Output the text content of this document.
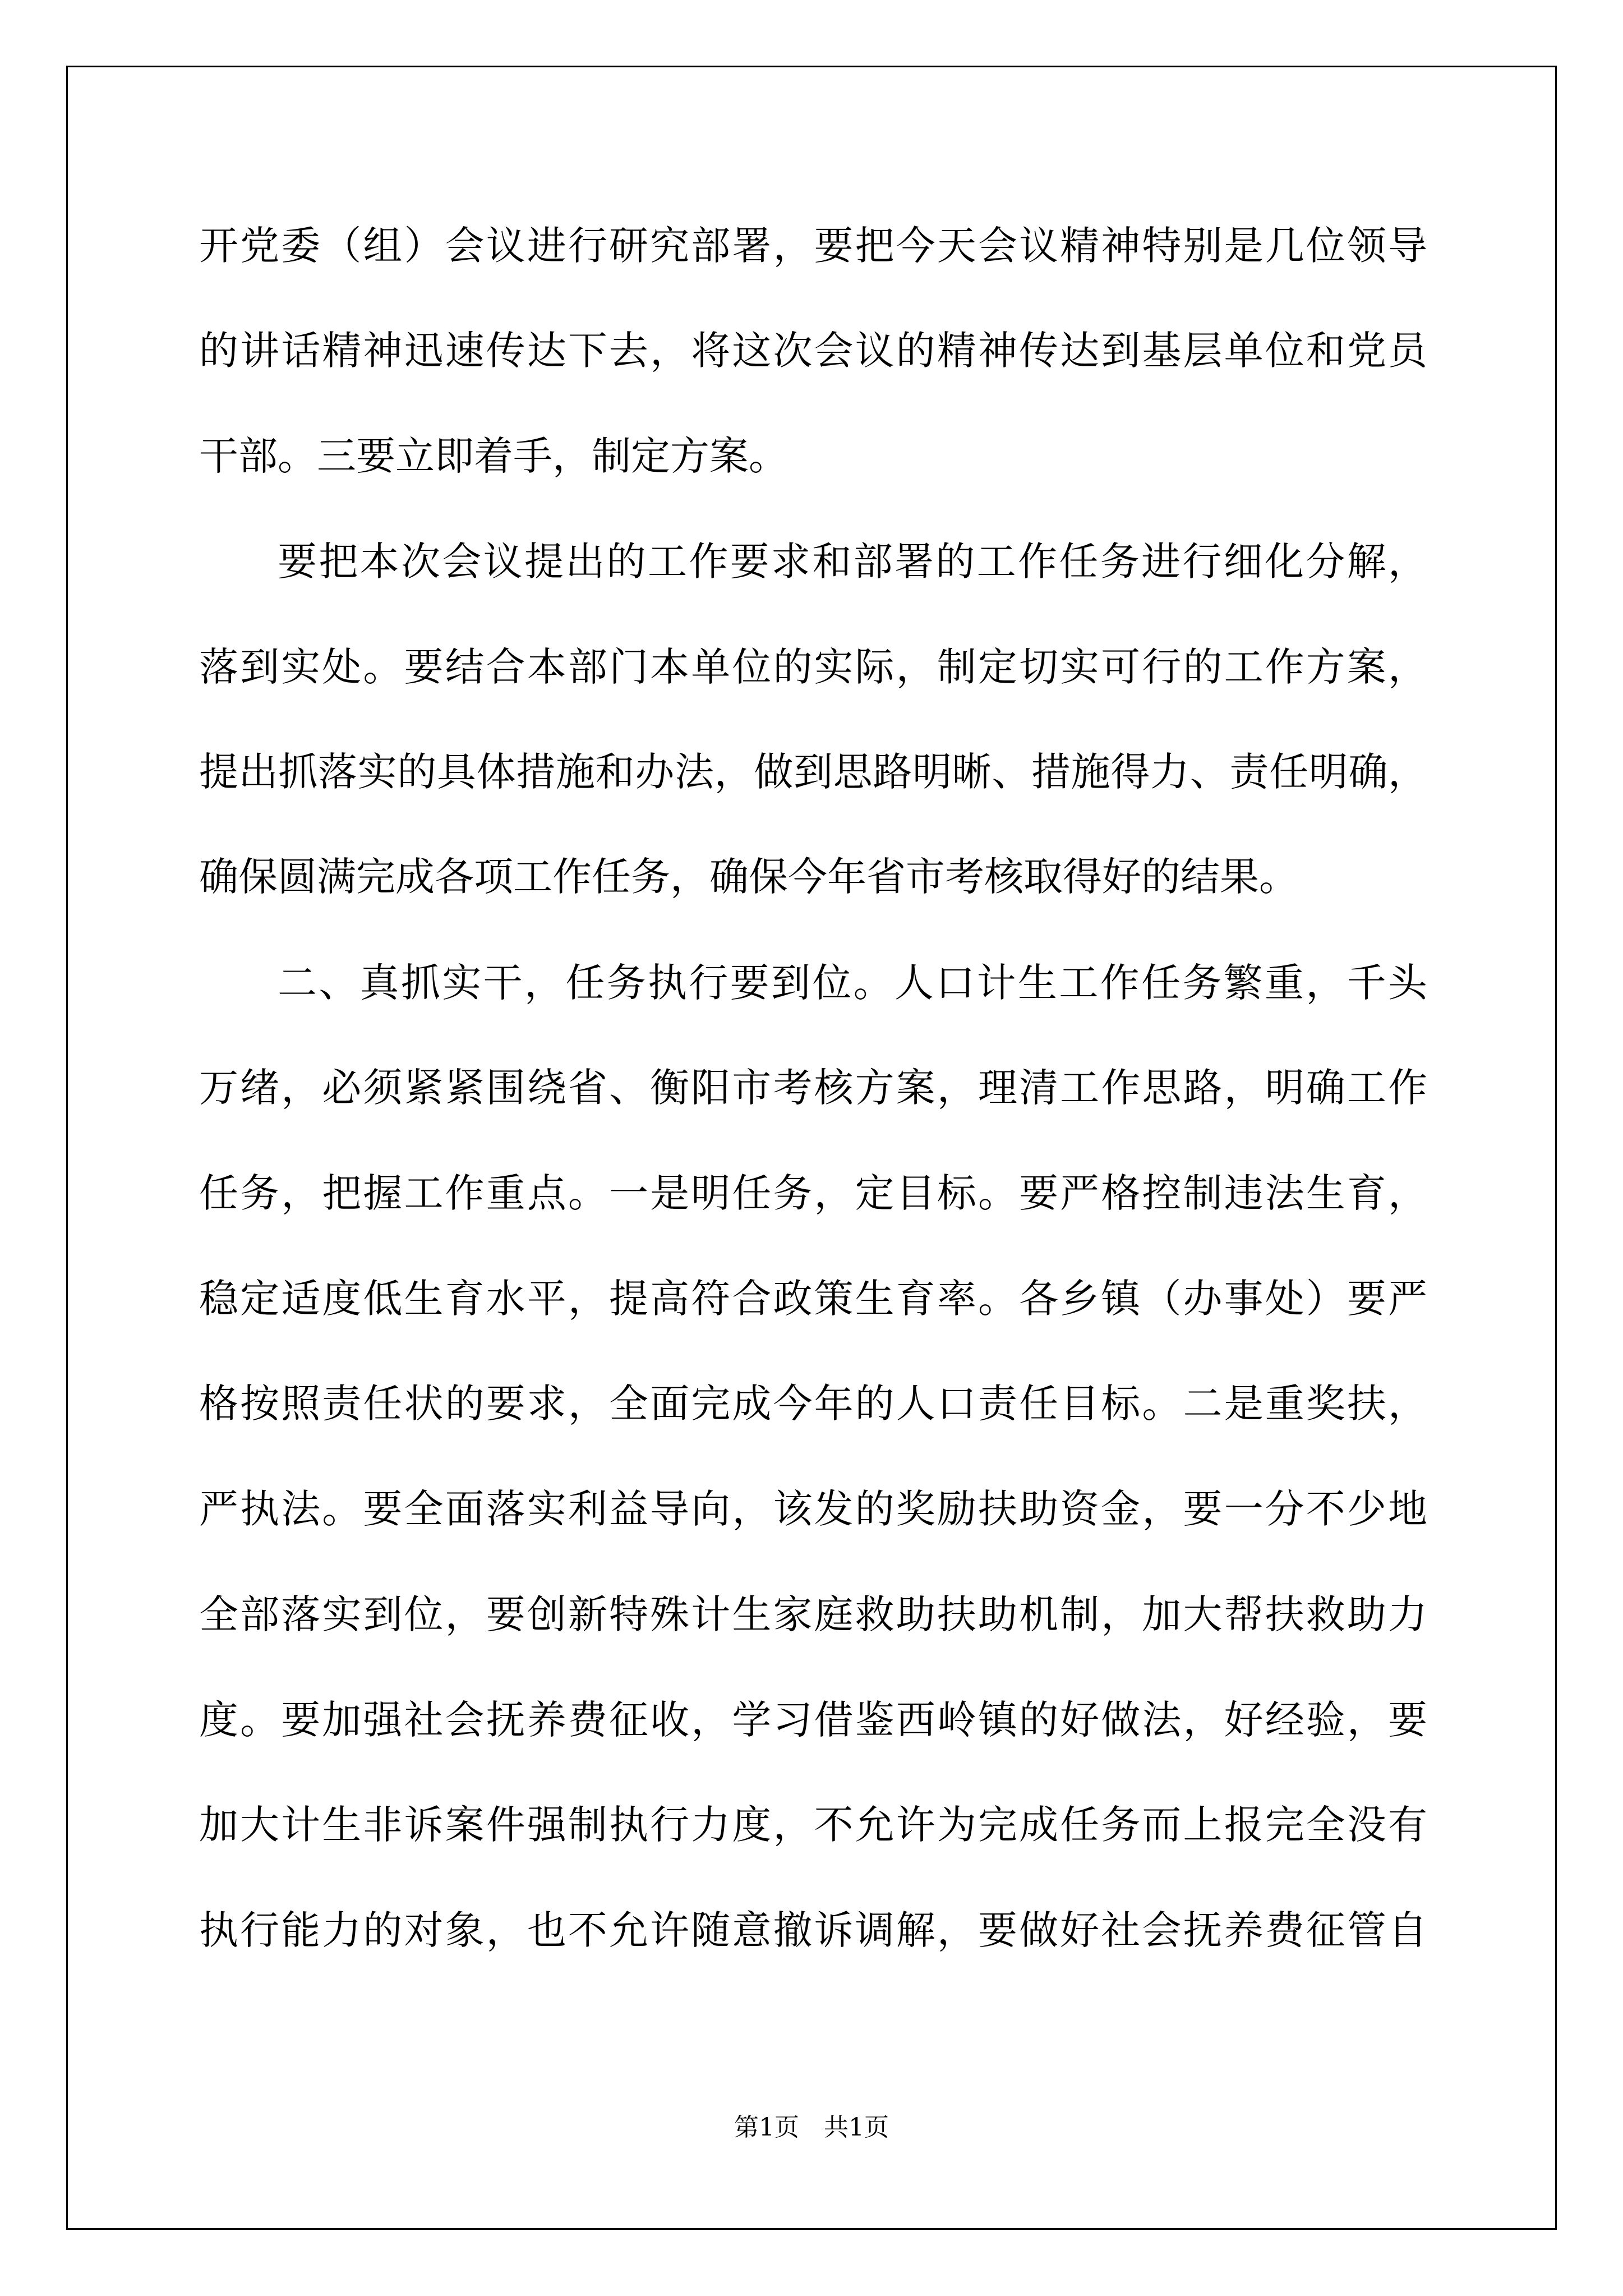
开党委（组）会议进行研究部署，要把今天会议精神特别是几位领导
的讲话精神迅速传达下去，将这次会议的精神传达到基层单位和党员
干部。三要立即着手，制定方案。
要把本次会议提出的工作要求和部署的工作任务进行细化分解，
落到实处。要结合本部门本单位的实际，制定切实可行的工作方案，
提出抓落实的具体措施和办法，做到思路明晰、措施得力、责任明确，
确保圆满完成各项工作任务，确保今年省市考核取得好的结果。
二、真抓实干，任务执行要到位。人口计生工作任务繁重，千头
万绪，必须紧紧围绕省、衡阳市考核方案，理清工作思路，明确工作
任务，把握工作重点。一是明任务，定目标。要严格控制违法生育，
稳定适度低生育水平，提高符合政策生育率。各乡镇（办事处）要严
格按照责任状的要求，全面完成今年的人口责任目标。二是重奖扶，
严执法。要全面落实利益导向，该发的奖励扶助资金，要一分不少地
全部落实到位，要创新特殊计生家庭救助扶助机制，加大帮扶救助力
度。要加强社会抚养费征收，学习借鉴西岭镇的好做法，好经验，要
加大计生非诉案件强制执行力度，不允许为完成任务而上报完全没有
执行能力的对象，也不允许随意撤诉调解，要做好社会抚养费征管自
第1页　共1页
